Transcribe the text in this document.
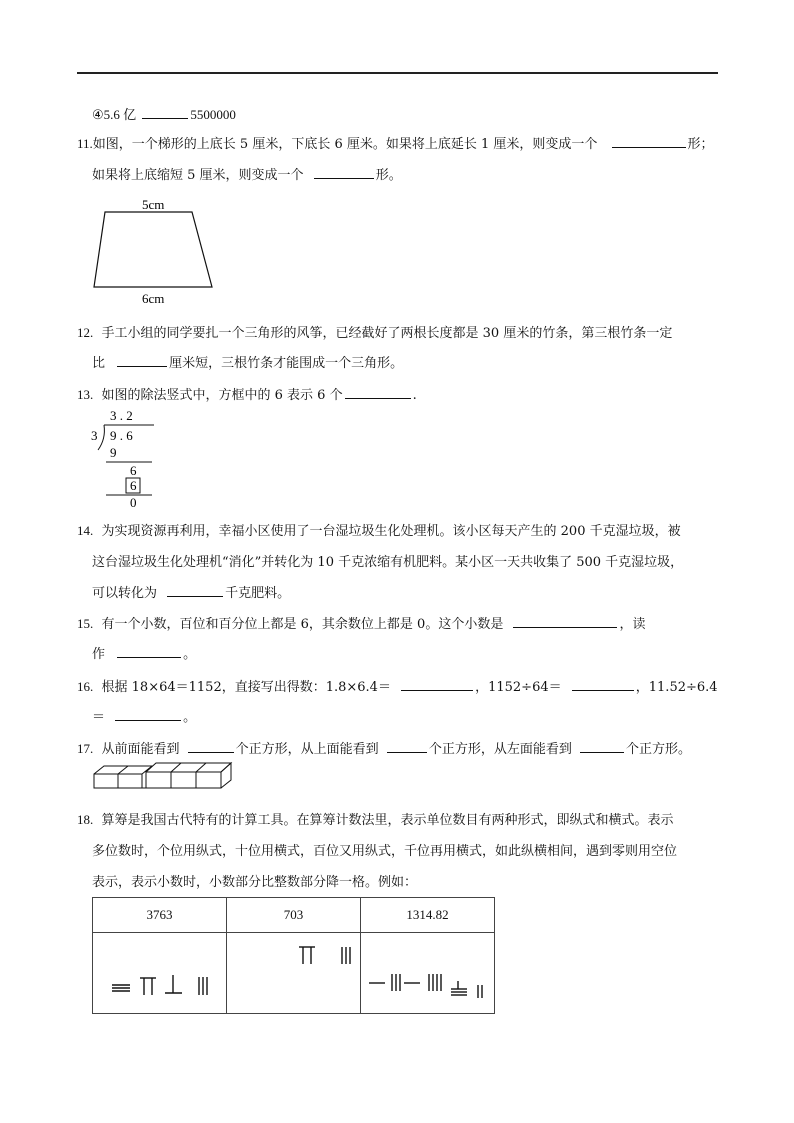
④5.6 亿	5500000
11.如图，一个梯形的上底长 5 厘米，下底长 6 厘米。如果将上底延长 1 厘米，则变成一个	形；
如果将上底缩短 5 厘米，则变成一个	形。
5cm
6cm
12. 手工小组的同学要扎一个三角形的风筝，已经截好了两根长度都是 30 厘米的竹条，第三根竹条一定
比	厘米短，三根竹条才能围成一个三角形。
13. 如图的除法竖式中，方框中的 6 表示 6 个	.
3 . 2
3 9 . 6
9
6
6
0
14. 为实现资源再利用，幸福小区使用了一台湿垃圾生化处理机。该小区每天产生的 200 千克湿垃圾，被
这台湿垃圾生化处理机“消化”并转化为 10 千克浓缩有机肥料。某小区一天共收集了 500 千克湿垃圾，
可以转化为	千克肥料。
15. 有一个小数，百位和百分位上都是 6，其余数位上都是 0。这个小数是	，读
作	。
16. 根据 18×64＝1152，直接写出得数：1.8×6.4＝	，1152÷64＝	，11.52÷6.4
＝	。
17. 从前面能看到	个正方形，从上面能看到	个正方形，从左面能看到	个正方形。
18. 算筹是我国古代特有的计算工具。在算筹计数法里，表示单位数目有两种形式，即纵式和横式。表示
多位数时，个位用纵式，十位用横式，百位又用纵式，千位再用横式，如此纵横相间，遇到零则用空位
表示，表示小数时，小数部分比整数部分降一格。例如：
3763	703	1314.82
